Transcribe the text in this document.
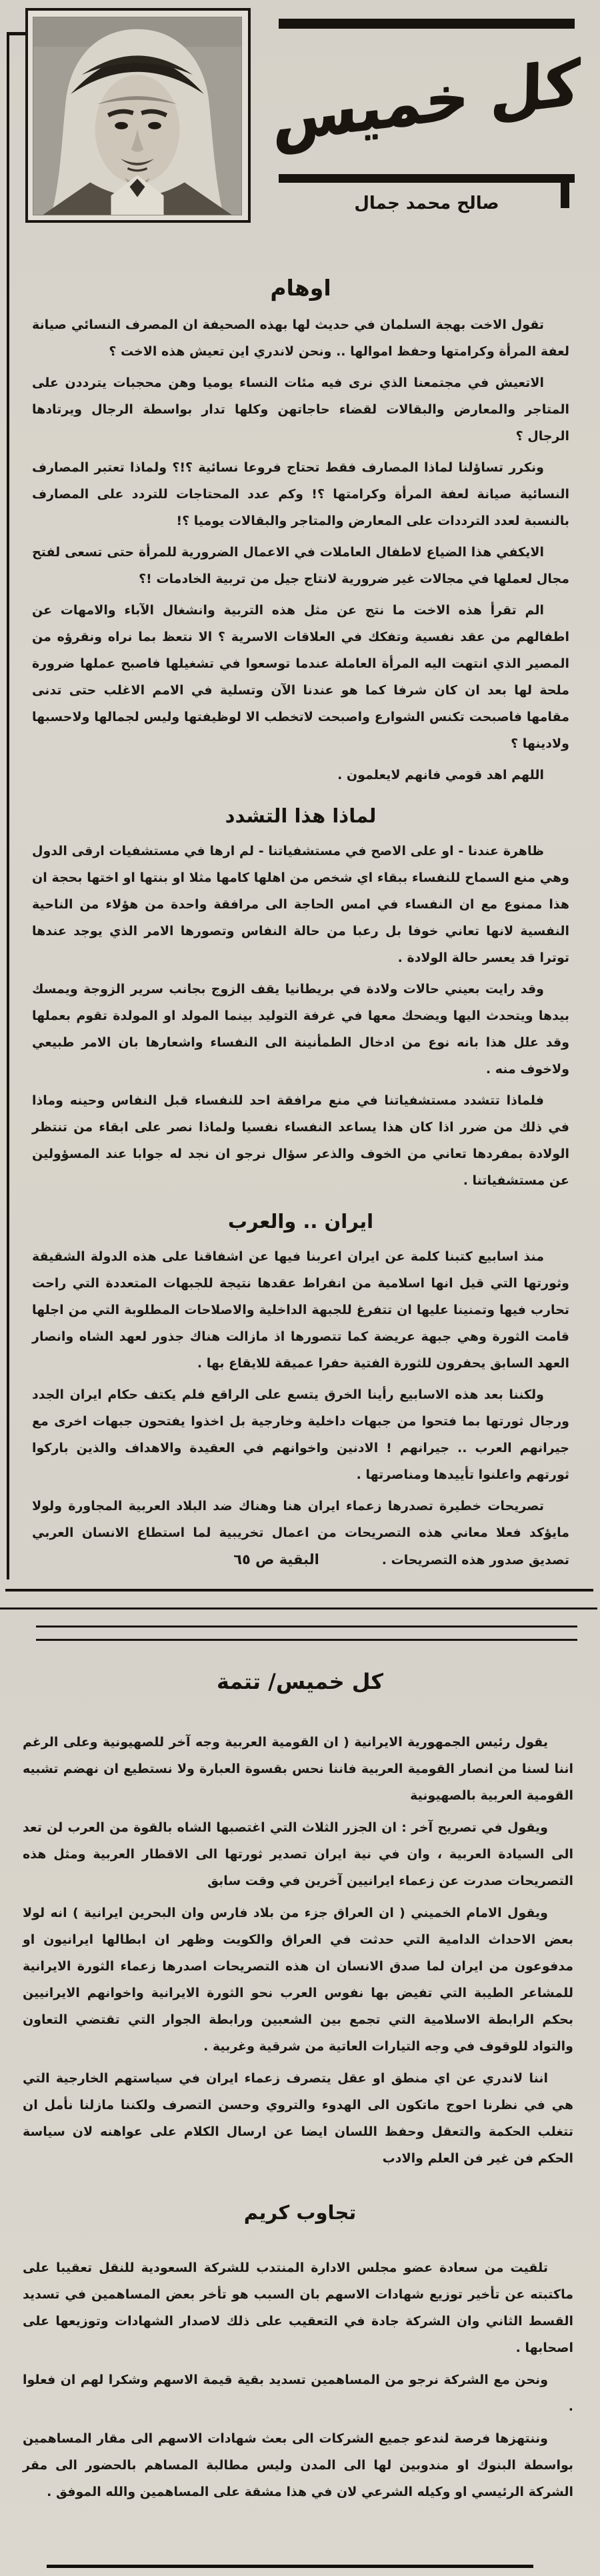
كل خميس
صالح محمد جمال
اوهام

تقول الاخت بهجة السلمان في حديث لها بهذه الصحيفة ان المصرف النسائي صيانة لعفة المرأة وكرامتها وحفظ اموالها .. ونحن لاندري اين تعيش هذه الاخت ؟

الاتعيش في مجتمعنا الذي نرى فيه مئات النساء يوميا وهن محجبات يترددن على المتاجر والمعارض والبقالات لقضاء حاجاتهن وكلها تدار بواسطة الرجال ويرتادها الرجال ؟

ونكرر تساؤلنا لماذا المصارف فقط تحتاج فروعا نسائية ؟!؟ ولماذا تعتبر المصارف النسائية صيانة لعفة المرأة وكرامتها ؟! وكم عدد المحتاجات للتردد على المصارف بالنسبة لعدد الترددات على المعارض والمتاجر والبقالات يوميا ؟!

الايكفي هذا الضياع لاطفال العاملات في الاعمال الضرورية للمرأة حتى تسعى لفتح مجال لعملها في مجالات غير ضرورية لانتاج جيل من تربية الخادمات !؟

الم تقرأ هذه الاخت ما نتج عن مثل هذه التربية وانشغال الآباء والامهات عن اطفالهم من عقد نفسية وتفكك في العلاقات الاسرية ؟ الا نتعظ بما نراه ونقرؤه من المصير الذي انتهت اليه المرأة العاملة عندما توسعوا في تشغيلها فاصبح عملها ضرورة ملحة لها بعد ان كان شرفا كما هو عندنا الآن وتسلية في الامم الاغلب حتى تدنى مقامها فاصبحت تكنس الشوارع واصبحت لاتخطب الا لوظيفتها وليس لجمالها ولاحسبها ولادينها ؟

اللهم اهد قومي فانهم لايعلمون .

لماذا هذا التشدد

ظاهرة عندنا - او على الاصح في مستشفياتنا - لم ارها في مستشفيات ارقى الدول وهي منع السماح للنفساء ببقاء اي شخص من اهلها كامها مثلا او بنتها او اختها بحجة ان هذا ممنوع مع ان النفساء في امس الحاجة الى مرافقة واحدة من هؤلاء من الناحية النفسية لانها تعاني خوفا بل رعبا من حالة النفاس وتصورها الامر الذي يوجد عندها توترا قد يعسر حالة الولادة .

وقد رايت بعيني حالات ولادة في بريطانيا يقف الزوج بجانب سرير الزوجة ويمسك بيدها ويتحدث اليها ويضحك معها في غرفة التوليد بينما المولد او المولدة تقوم بعملها وقد علل هذا بانه نوع من ادخال الطمأنينة الى النفساء واشعارها بان الامر طبيعي ولاخوف منه .

فلماذا تتشدد مستشفياتنا في منع مرافقة احد للنفساء قبل النفاس وحينه وماذا في ذلك من ضرر اذا كان هذا يساعد النفساء نفسيا ولماذا نصر على ابقاء من تنتظر الولادة بمفردها تعاني من الخوف والذعر سؤال نرجو ان نجد له جوابا عند المسؤولين عن مستشفياتنا .

ايران .. والعرب

منذ اسابيع كتبنا كلمة عن ايران اعربنا فيها عن اشفاقنا على هذه الدولة الشقيقة وثورتها التي قيل انها اسلامية من انفراط عقدها نتيجة للجبهات المتعددة التي راحت تحارب فيها وتمنينا عليها ان تتفرغ للجبهة الداخلية والاصلاحات المطلوبة التي من اجلها قامت الثورة وهي جبهة عريضة كما تتصورها اذ مازالت هناك جذور لعهد الشاه وانصار العهد السابق يحفرون للثورة الفتية حفرا عميقة للايقاع بها .

ولكننا بعد هذه الاسابيع رأينا الخرق يتسع على الراقع فلم يكتف حكام ايران الجدد ورجال ثورتها بما فتحوا من جبهات داخلية وخارجية بل اخذوا يفتحون جبهات اخرى مع جيرانهم العرب .. جيرانهم ! الادنين واخوانهم في العقيدة والاهداف والذين باركوا ثورتهم واعلنوا تأييدها ومناصرتها .

تصريحات خطيرة تصدرها زعماء ايران هنا وهناك ضد البلاد العربية المجاورة ولولا مايؤكد فعلا معاني هذه التصريحات من اعمال تخريبية لما استطاع الانسان العربي تصديق صدور هذه التصريحات .البقية ص ٦٥

كل خميس/ تتمة

يقول رئيس الجمهورية الايرانية ( ان القومية العربية وجه آخر للصهيونية وعلى الرغم اننا لسنا من انصار القومية العربية فاننا نحس بقسوة العبارة ولا نستطيع ان نهضم تشبيه القومية العربية بالصهيونية

ويقول في تصريح آخر : ان الجزر الثلاث التي اغتصبها الشاه بالقوة من العرب لن تعد الى السيادة العربية ، وان في نية ايران تصدير ثورتها الى الاقطار العربية ومثل هذه التصريحات صدرت عن زعماء ايرانيين آخرين في وقت سابق

ويقول الامام الخميني ( ان العراق جزء من بلاد فارس وان البحرين ايرانية ) انه لولا بعض الاحداث الدامية التي حدثت في العراق والكويت وظهر ان ابطالها ايرانيون او مدفوعون من ايران لما صدق الانسان ان هذه التصريحات اصدرها زعماء الثورة الايرانية للمشاعر الطيبة التي تفيض بها نفوس العرب نحو الثورة الايرانية واخوانهم الايرانيين بحكم الرابطة الاسلامية التي تجمع بين الشعبين ورابطة الجوار التي تقتضي التعاون والتواد للوقوف في وجه التيارات العاتية من شرقية وغربية .

اننا لاندري عن اي منطق او عقل يتصرف زعماء ايران في سياستهم الخارجية التي هي في نظرنا احوج ماتكون الى الهدوء والتروي وحسن التصرف ولكننا مازلنا نأمل ان تتغلب الحكمة والتعقل وحفظ اللسان ايضا عن ارسال الكلام على عواهنه لان سياسة الحكم فن غير فن العلم والادب

تجاوب كريم

تلقيت من سعادة عضو مجلس الادارة المنتدب للشركة السعودية للنقل تعقيبا على ماكتبته عن تأخير توزيع شهادات الاسهم بان السبب هو تأخر بعض المساهمين في تسديد القسط الثاني وان الشركة جادة في التعقيب على ذلك لاصدار الشهادات وتوزيعها على اصحابها .

ونحن مع الشركة نرجو من المساهمين تسديد بقية قيمة الاسهم وشكرا لهم ان فعلوا .

وننتهزها فرصة لندعو جميع الشركات الى بعث شهادات الاسهم الى مقار المساهمين بواسطة البنوك او مندوبين لها الى المدن وليس مطالبة المساهم بالحضور الى مقر الشركة الرئيسي او وكيله الشرعي لان في هذا مشقة على المساهمين والله الموفق .
